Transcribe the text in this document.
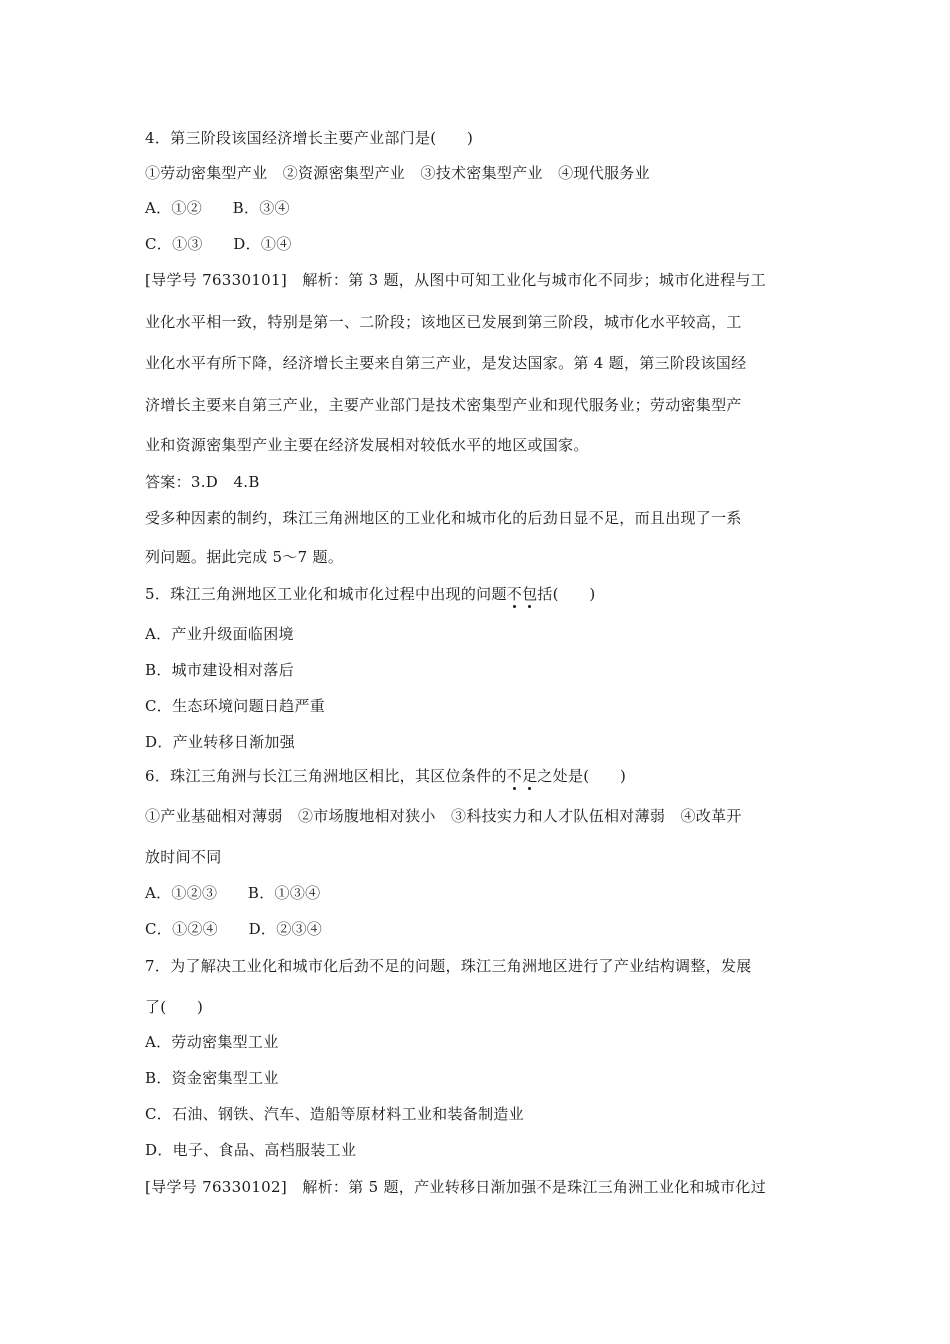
4．第三阶段该国经济增长主要产业部门是(　　)
①劳动密集型产业　②资源密集型产业　③技术密集型产业　④现代服务业
A．①②　　B．③④
C．①③　　D．①④
[导学号 76330101]　解析：第 3 题，从图中可知工业化与城市化不同步；城市化进程与工
业化水平相一致，特别是第一、二阶段；该地区已发展到第三阶段，城市化水平较高，工
业化水平有所下降，经济增长主要来自第三产业，是发达国家。第 4 题，第三阶段该国经
济增长主要来自第三产业，主要产业部门是技术密集型产业和现代服务业；劳动密集型产
业和资源密集型产业主要在经济发展相对较低水平的地区或国家。
答案：3.D　4.B
受多种因素的制约，珠江三角洲地区的工业化和城市化的后劲日显不足，而且出现了一系
列问题。据此完成 5～7 题。
5．珠江三角洲地区工业化和城市化过程中出现的问题不包括(　　)
A．产业升级面临困境
B．城市建设相对落后
C．生态环境问题日趋严重
D．产业转移日渐加强
6．珠江三角洲与长江三角洲地区相比，其区位条件的不足之处是(　　)
①产业基础相对薄弱　②市场腹地相对狭小　③科技实力和人才队伍相对薄弱　④改革开
放时间不同
A．①②③　　B．①③④
C．①②④　　D．②③④
7．为了解决工业化和城市化后劲不足的问题，珠江三角洲地区进行了产业结构调整，发展
了(　　)
A．劳动密集型工业
B．资金密集型工业
C．石油、钢铁、汽车、造船等原材料工业和装备制造业
D．电子、食品、高档服装工业
[导学号 76330102]　解析：第 5 题，产业转移日渐加强不是珠江三角洲工业化和城市化过
